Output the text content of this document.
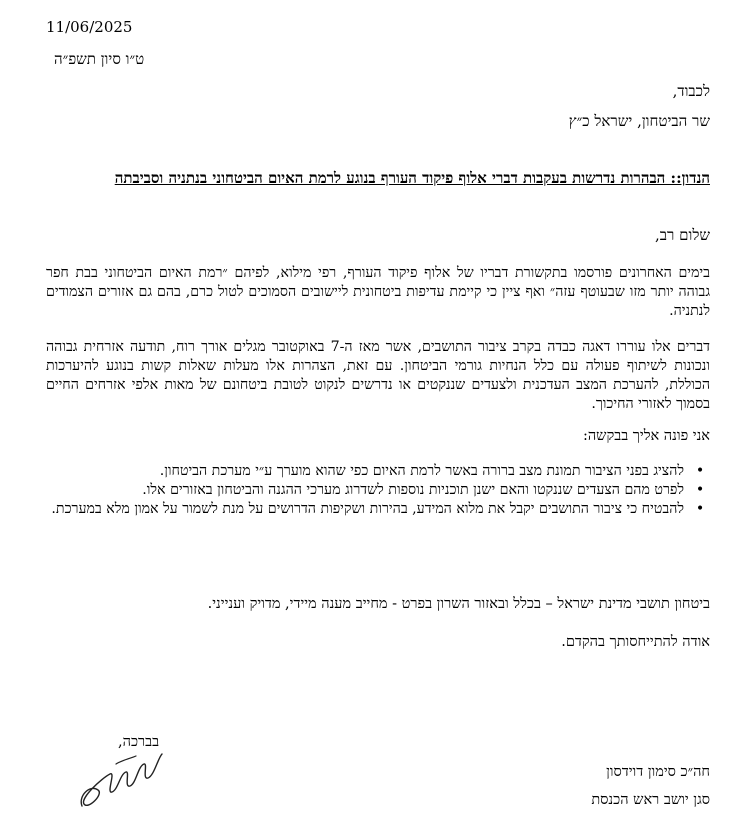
11/06/2025
ט״ו סיון תשפ״ה
לכבוד,
שר הביטחון, ישראל כ״ץ
הנדון:: הבהרות נדרשות בעקבות דברי אלוף פיקוד העורף בנוגע לרמת האיום הביטחוני בנתניה וסביבתה
שלום רב,
בימים האחרונים פורסמו בתקשורת דבריו של אלוף פיקוד העורף, רפי מילוא, לפיהם ״רמת האיום הביטחוני בבת חפר גבוהה יותר מזו שבעוטף עזה״ ואף ציין כי קיימת עדיפות ביטחונית ליישובים הסמוכים לטול כרם, בהם גם אזורים הצמודים לנתניה.
דברים אלו עוררו דאגה כבדה בקרב ציבור התושבים, אשר מאז ה-7 באוקטובר מגלים אורך רוח, תודעה אזרחית גבוהה ונכונות לשיתוף פעולה עם כלל הנחיות גורמי הביטחון. עם זאת, הצהרות אלו מעלות שאלות קשות בנוגע להיערכות הכוללת, להערכת המצב העדכנית ולצעדים שננקטים או נדרשים לנקוט לטובת ביטחונם של מאות אלפי אזרחים החיים בסמוך לאזורי החיכוך.
אני פונה אליך בבקשה:
•
להציג בפני הציבור תמונת מצב ברורה באשר לרמת האיום כפי שהוא מוערך ע״י מערכת הביטחון.
•
לפרט מהם הצעדים שננקטו והאם ישנן תוכניות נוספות לשדרוג מערכי ההגנה והביטחון באזורים אלו.
•
להבטיח כי ציבור התושבים יקבל את מלוא המידע, בהירות ושקיפות הדרושים על מנת לשמור על אמון מלא במערכת.
ביטחון תושבי מדינת ישראל – בכלל ובאזור השרון בפרט - מחייב מענה מיידי, מדויק וענייני.
אודה להתייחסותך בהקדם.
בברכה,
חה״כ סימון דוידסון
סגן יושב ראש הכנסת
